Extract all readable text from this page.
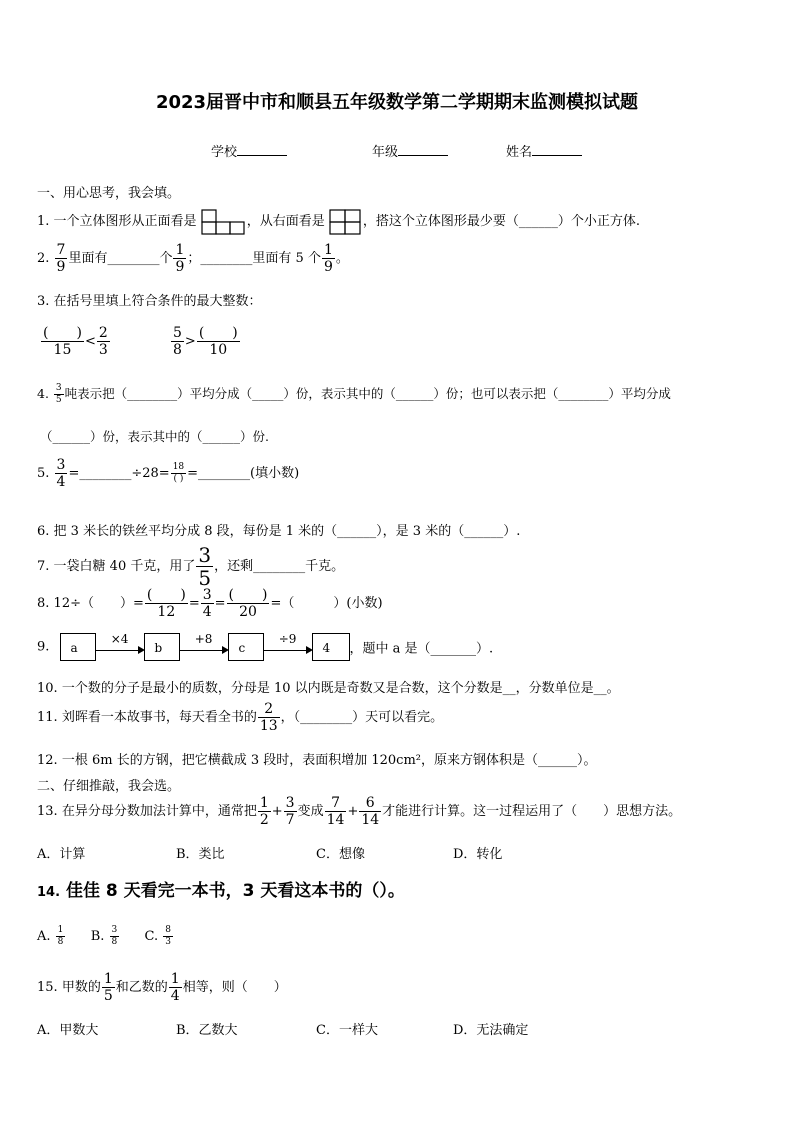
2023届晋中市和顺县五年级数学第二学期期末监测模拟试题
学校	年级	姓名
一、用心思考，我会填。
1. 一个立体图形从正面看是	，从右面看是	，搭这个立体图形最少要（______）个小正方体.
2. $\frac{7}{9}$ 里面有________个 $\frac{1}{9}$ ；________里面有 5 个 $\frac{1}{9}$ 。
3. 在括号里填上符合条件的最大整数：
$\frac{( )}{15} < \frac{2}{3}$	$\frac{5}{8} > \frac{( )}{10}$
4. $\frac{3}{5}$ 吨表示把（________）平均分成（_____）份，表示其中的（______）份；也可以表示把（________）平均分成
（______）份，表示其中的（______）份.
5. $\frac{3}{4}$ =________÷28= $\frac{18}{( )}$ =________(填小数)
6. 把 3 米长的铁丝平均分成 8 段，每份是 1 米的（______），是 3 米的（______）.
7. 一袋白糖 40 千克，用了 $\frac{3}{5}$ ，还剩________千克。
8. 12÷（　　）= $\frac{( )}{12} = \frac{3}{4} = \frac{( )}{20}$ =（　　　）(小数)
9. a
×4
b
+8
c
÷9
4 ，题中 a 是（_______）.
10. 一个数的分子是最小的质数，分母是 10 以内既是奇数又是合数，这个分数是__，分数单位是__。
11. 刘晖看一本故事书，每天看全书的 $\frac{2}{13}$ ，（________）天可以看完。
12. 一根 6m 长的方钢，把它横截成 3 段时，表面积增加 120cm²，原来方钢体积是（______）。
二、仔细推敲，我会选。
13. 在异分母分数加法计算中，通常把 $\frac{1}{2} + \frac{3}{7}$ 变成 $\frac{7}{14} + \frac{6}{14}$ 才能进行计算。这一过程运用了（　　）思想方法。
A．计算	B．类比	C．想像	D．转化
14. 佳佳 8 天看完一本书，3 天看这本书的（）。
A. $\frac{1}{8} B$. $\frac{3}{8} C$. $\frac{8}{3}$
15. 甲数的 $\frac{1}{5}$ 和乙数的 $\frac{1}{4}$ 相等，则（　　）
A．甲数大	B．乙数大	C．一样大	D．无法确定
